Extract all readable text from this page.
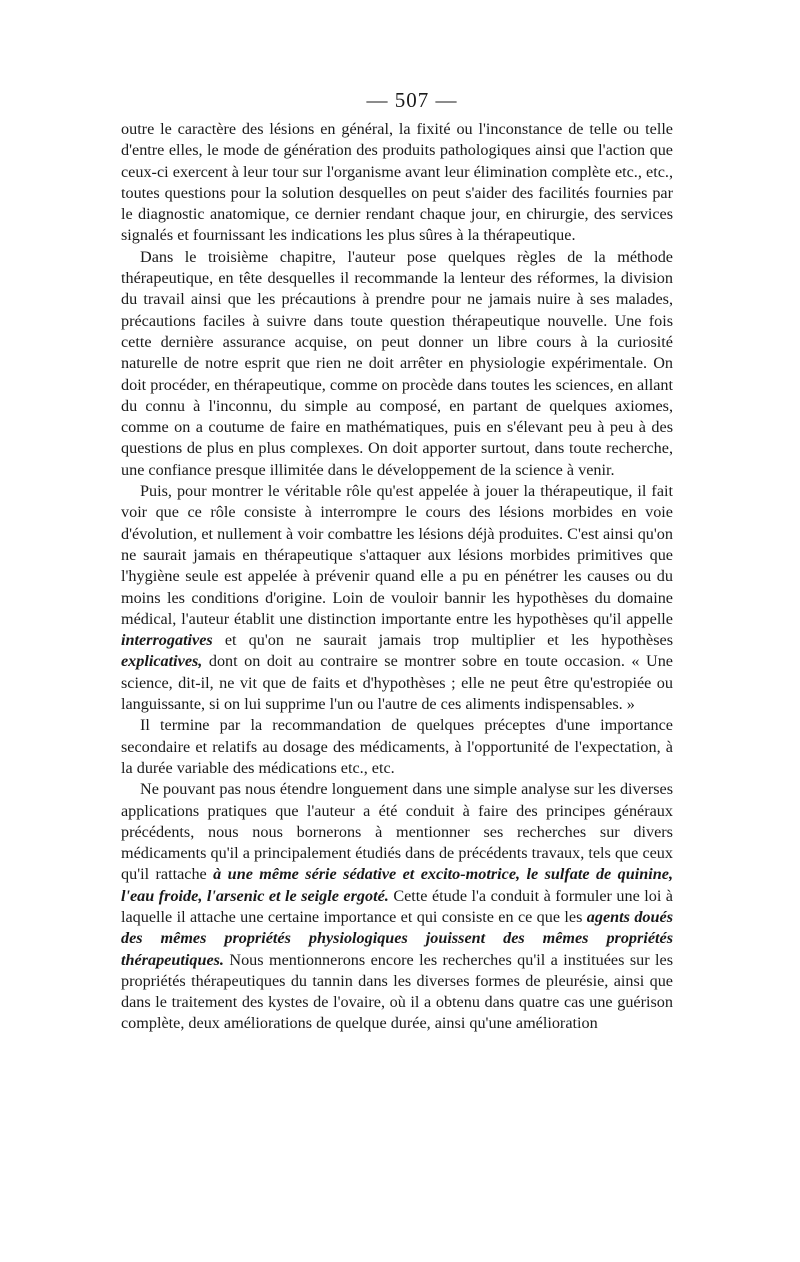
— 507 —

outre le caractère des lésions en général, la fixité ou l'inconstance de telle ou telle d'entre elles, le mode de génération des produits pathologiques ainsi que l'action que ceux-ci exercent à leur tour sur l'organisme avant leur élimination complète etc., etc., toutes questions pour la solution desquelles on peut s'aider des facilités fournies par le diagnostic anatomique, ce dernier rendant chaque jour, en chirurgie, des services signalés et fournissant les indications les plus sûres à la thérapeutique.

Dans le troisième chapitre, l'auteur pose quelques règles de la méthode thérapeutique, en tête desquelles il recommande la lenteur des réformes, la division du travail ainsi que les précautions à prendre pour ne jamais nuire à ses malades, précautions faciles à suivre dans toute question thérapeutique nouvelle. Une fois cette dernière assurance acquise, on peut donner un libre cours à la curiosité naturelle de notre esprit que rien ne doit arrêter en physiologie expérimentale. On doit procéder, en thérapeutique, comme on procède dans toutes les sciences, en allant du connu à l'inconnu, du simple au composé, en partant de quelques axiomes, comme on a coutume de faire en mathématiques, puis en s'élevant peu à peu à des questions de plus en plus complexes. On doit apporter surtout, dans toute recherche, une confiance presque illimitée dans le développement de la science à venir.

Puis, pour montrer le véritable rôle qu'est appelée à jouer la thérapeutique, il fait voir que ce rôle consiste à interrompre le cours des lésions morbides en voie d'évolution, et nullement à voir combattre les lésions déjà produites. C'est ainsi qu'on ne saurait jamais en thérapeutique s'attaquer aux lésions morbides primitives que l'hygiène seule est appelée à prévenir quand elle a pu en pénétrer les causes ou du moins les conditions d'origine. Loin de vouloir bannir les hypothèses du domaine médical, l'auteur établit une distinction importante entre les hypothèses qu'il appelle interrogatives et qu'on ne saurait jamais trop multiplier et les hypothèses explicatives, dont on doit au contraire se montrer sobre en toute occasion. « Une science, dit-il, ne vit que de faits et d'hypothèses ; elle ne peut être qu'estropiée ou languissante, si on lui supprime l'un ou l'autre de ces aliments indispensables. »

Il termine par la recommandation de quelques préceptes d'une importance secondaire et relatifs au dosage des médicaments, à l'opportunité de l'expectation, à la durée variable des médications etc., etc.

Ne pouvant pas nous étendre longuement dans une simple analyse sur les diverses applications pratiques que l'auteur a été conduit à faire des principes généraux précédents, nous nous bornerons à mentionner ses recherches sur divers médicaments qu'il a principalement étudiés dans de précédents travaux, tels que ceux qu'il rattache à une même série sédative et excito-motrice, le sulfate de quinine, l'eau froide, l'arsenic et le seigle ergoté. Cette étude l'a conduit à formuler une loi à laquelle il attache une certaine importance et qui consiste en ce que les agents doués des mêmes propriétés physiologiques jouissent des mêmes propriétés thérapeutiques. Nous mentionnerons encore les recherches qu'il a instituées sur les propriétés thérapeutiques du tannin dans les diverses formes de pleurésie, ainsi que dans le traitement des kystes de l'ovaire, où il a obtenu dans quatre cas une guérison complète, deux améliorations de quelque durée, ainsi qu'une amélioration
